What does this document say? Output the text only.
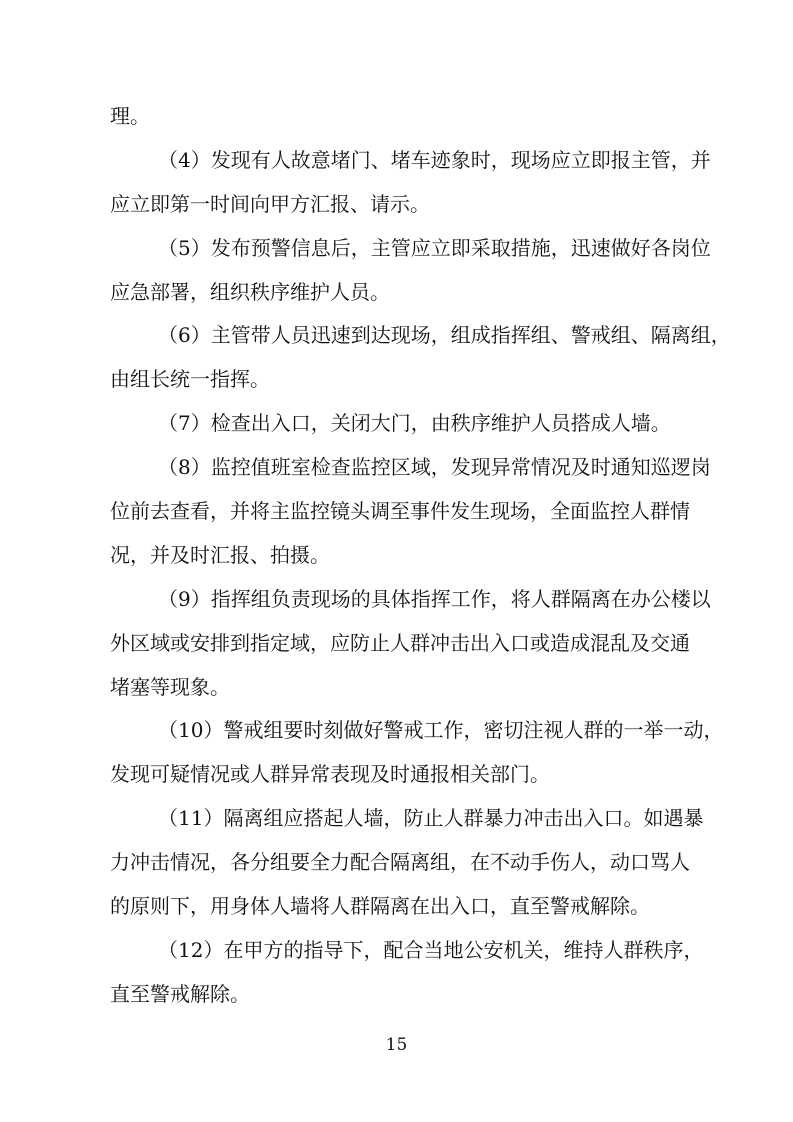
理。
（4）发现有人故意堵门、堵车迹象时，现场应立即报主管，并
应立即第一时间向甲方汇报、请示。
（5）发布预警信息后，主管应立即采取措施，迅速做好各岗位
应急部署，组织秩序维护人员。
（6）主管带人员迅速到达现场，组成指挥组、警戒组、隔离组，
由组长统一指挥。
（7）检查出入口，关闭大门，由秩序维护人员搭成人墙。
（8）监控值班室检查监控区域，发现异常情况及时通知巡逻岗
位前去查看，并将主监控镜头调至事件发生现场，全面监控人群情
况，并及时汇报、拍摄。
（9）指挥组负责现场的具体指挥工作，将人群隔离在办公楼以
外区域或安排到指定域，应防止人群冲击出入口或造成混乱及交通
堵塞等现象。
（10）警戒组要时刻做好警戒工作，密切注视人群的一举一动，
发现可疑情况或人群异常表现及时通报相关部门。
（11）隔离组应搭起人墙，防止人群暴力冲击出入口。如遇暴
力冲击情况，各分组要全力配合隔离组，在不动手伤人，动口骂人
的原则下，用身体人墙将人群隔离在出入口，直至警戒解除。
（12）在甲方的指导下，配合当地公安机关，维持人群秩序，
直至警戒解除。
15
